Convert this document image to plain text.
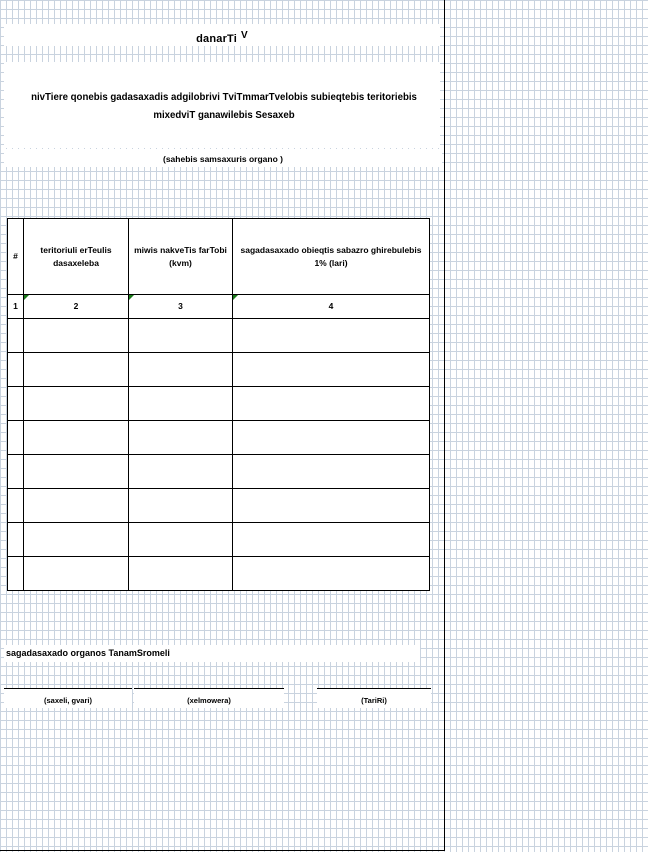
danarTi $^V$
nivTiere qonebis gadasaxadis adgilobrivi TviTmmarTvelobis subieqtebis teritoriebis mixedviT ganawilebis Sesaxeb
(sahebis samsaxuris organo )
#	teritoriuli erTeulis dasaxeleba	miwis nakveTis farTobi (kvm)	sagadasaxado obieqtis sabazro ghirebulebis 1% (lari)
1	2	3	4

sagadasaxado organos TanamSromeli
(saxeli, gvari)	(xelmowera)	(TariRi)
